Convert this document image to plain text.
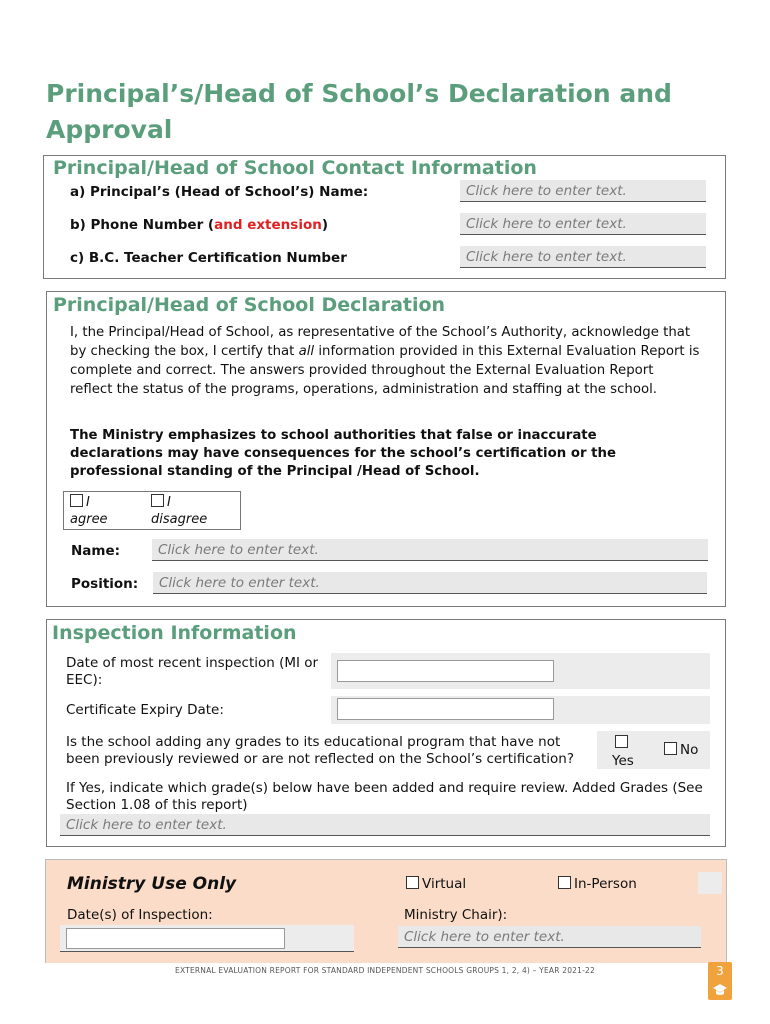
Principal’s/Head of School’s Declaration and Approval
Principal/Head of School Contact Information
a) Principal’s (Head of School’s) Name:	Click here to enter text.
b) Phone Number (and extension)	Click here to enter text.
c) B.C. Teacher Certification Number	Click here to enter text.
Principal/Head of School Declaration
I, the Principal/Head of School, as representative of the School’s Authority, acknowledge that by checking the box, I certify that all information provided in this External Evaluation Report is complete and correct. The answers provided throughout the External Evaluation Report reflect the status of the programs, operations, administration and staffing at the school.
The Ministry emphasizes to school authorities that false or inaccurate declarations may have consequences for the school’s certification or the professional standing of the Principal /Head of School.
I
agree
I
disagree
Name:	Click here to enter text.
Position:	Click here to enter text.
Inspection Information
Date of most recent inspection (MI or EEC):
Certificate Expiry Date:
Is the school adding any grades to its educational program that have not been previously reviewed or are not reflected on the School’s certification?	Yes
No
If Yes, indicate which grade(s) below have been added and require review. Added Grades (See Section 1.08 of this report)
Click here to enter text.
Ministry Use Only	Virtual	In-Person
Date(s) of Inspection:	Ministry Chair):
Click here to enter text.
EXTERNAL EVALUATION REPORT FOR STANDARD INDEPENDENT SCHOOLS GROUPS 1, 2, 4) – YEAR 2021-22	3
